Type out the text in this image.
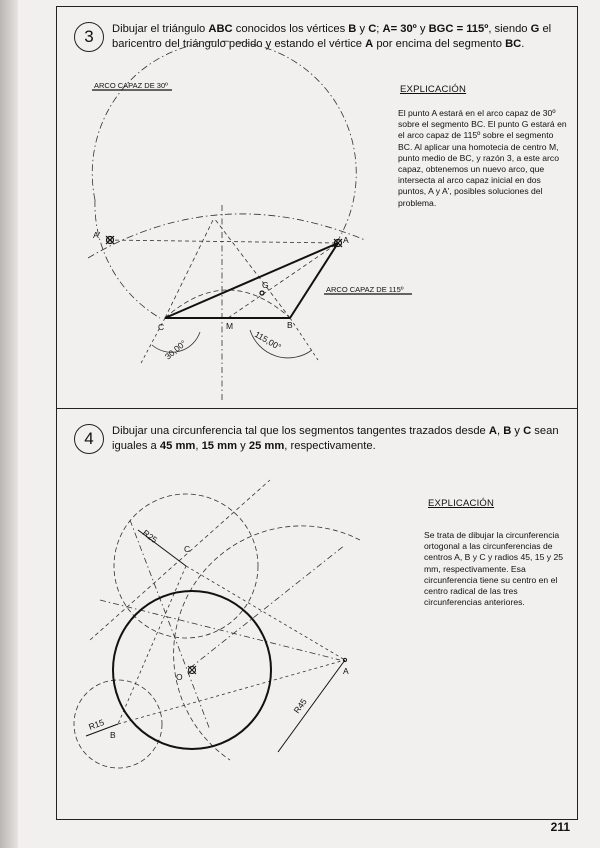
3	Dibujar el triángulo ABC conocidos los vértices B y C; A= 30º y BGC = 115º, siendo G el baricentro del triángulo pedido y estando el vértice A por encima del segmento BC.
EXPLICACIÓN
El punto A estará en el arco capaz de 30º sobre el segmento BC. El punto G estará en el arco capaz de 115º sobre el segmento BC. Al aplicar una homotecia de centro M, punto medio de BC, y razón 3, a este arco capaz, obtenemos un nuevo arco, que intersecta al arco capaz inicial en dos puntos, A y A', posibles soluciones del problema.
ARCO CAPAZ DE 30º
ARCO CAPAZ DE 115º
A
A'
C	B
G
M
30,00°	115,00°
4	Dibujar una circunferencia tal que los segmentos tangentes trazados desde A, B y C sean iguales a 45 mm, 15 mm y 25 mm, respectivamente.
EXPLICACIÓN
Se trata de dibujar la circunferencia ortogonal a las circunferencias de centros A, B y C y radios 45, 15 y 25 mm, respectivamente. Esa circunferencia tiene su centro en el centro radical de las tres circunferencias anteriores.
A
B
C
O
R25
R15
R45
211
